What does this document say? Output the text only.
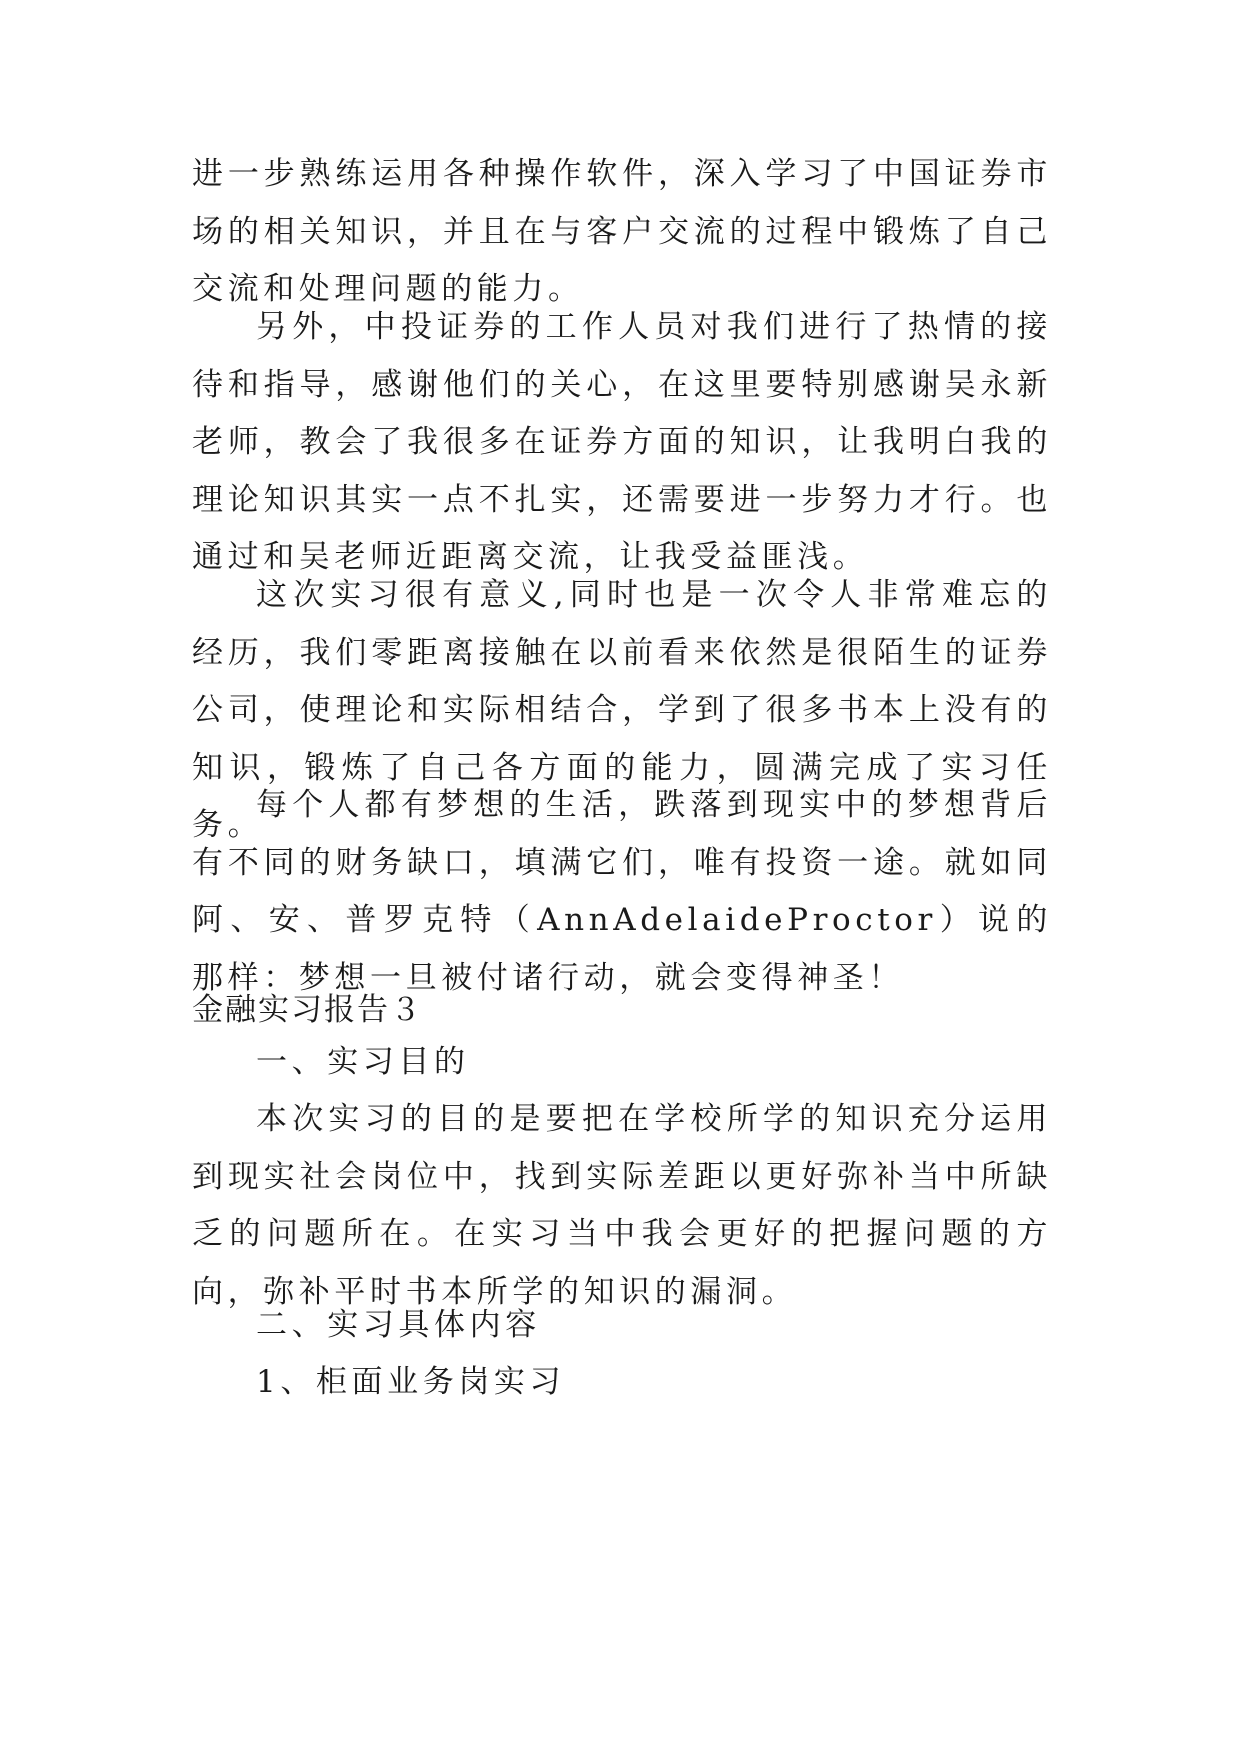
进一步熟练运用各种操作软件，深入学习了中国证券市场的相关知识，并且在与客户交流的过程中锻炼了自己交流和处理问题的能力。

另外，中投证券的工作人员对我们进行了热情的接待和指导，感谢他们的关心，在这里要特别感谢吴永新老师，教会了我很多在证券方面的知识，让我明白我的理论知识其实一点不扎实，还需要进一步努力才行。也通过和吴老师近距离交流，让我受益匪浅。

这次实习很有意义,同时也是一次令人非常难忘的经历，我们零距离接触在以前看来依然是很陌生的证券公司，使理论和实际相结合，学到了很多书本上没有的知识，锻炼了自己各方面的能力，圆满完成了实习任务。

每个人都有梦想的生活，跌落到现实中的梦想背后有不同的财务缺口，填满它们，唯有投资一途。就如同阿、安、普罗克特（AnnAdelaideProctor）说的那样：梦想一旦被付诸行动，就会变得神圣！

金融实习报告３

一、实习目的

本次实习的目的是要把在学校所学的知识充分运用到现实社会岗位中，找到实际差距以更好弥补当中所缺乏的问题所在。在实习当中我会更好的把握问题的方向，弥补平时书本所学的知识的漏洞。

二、实习具体内容

1、柜面业务岗实习
